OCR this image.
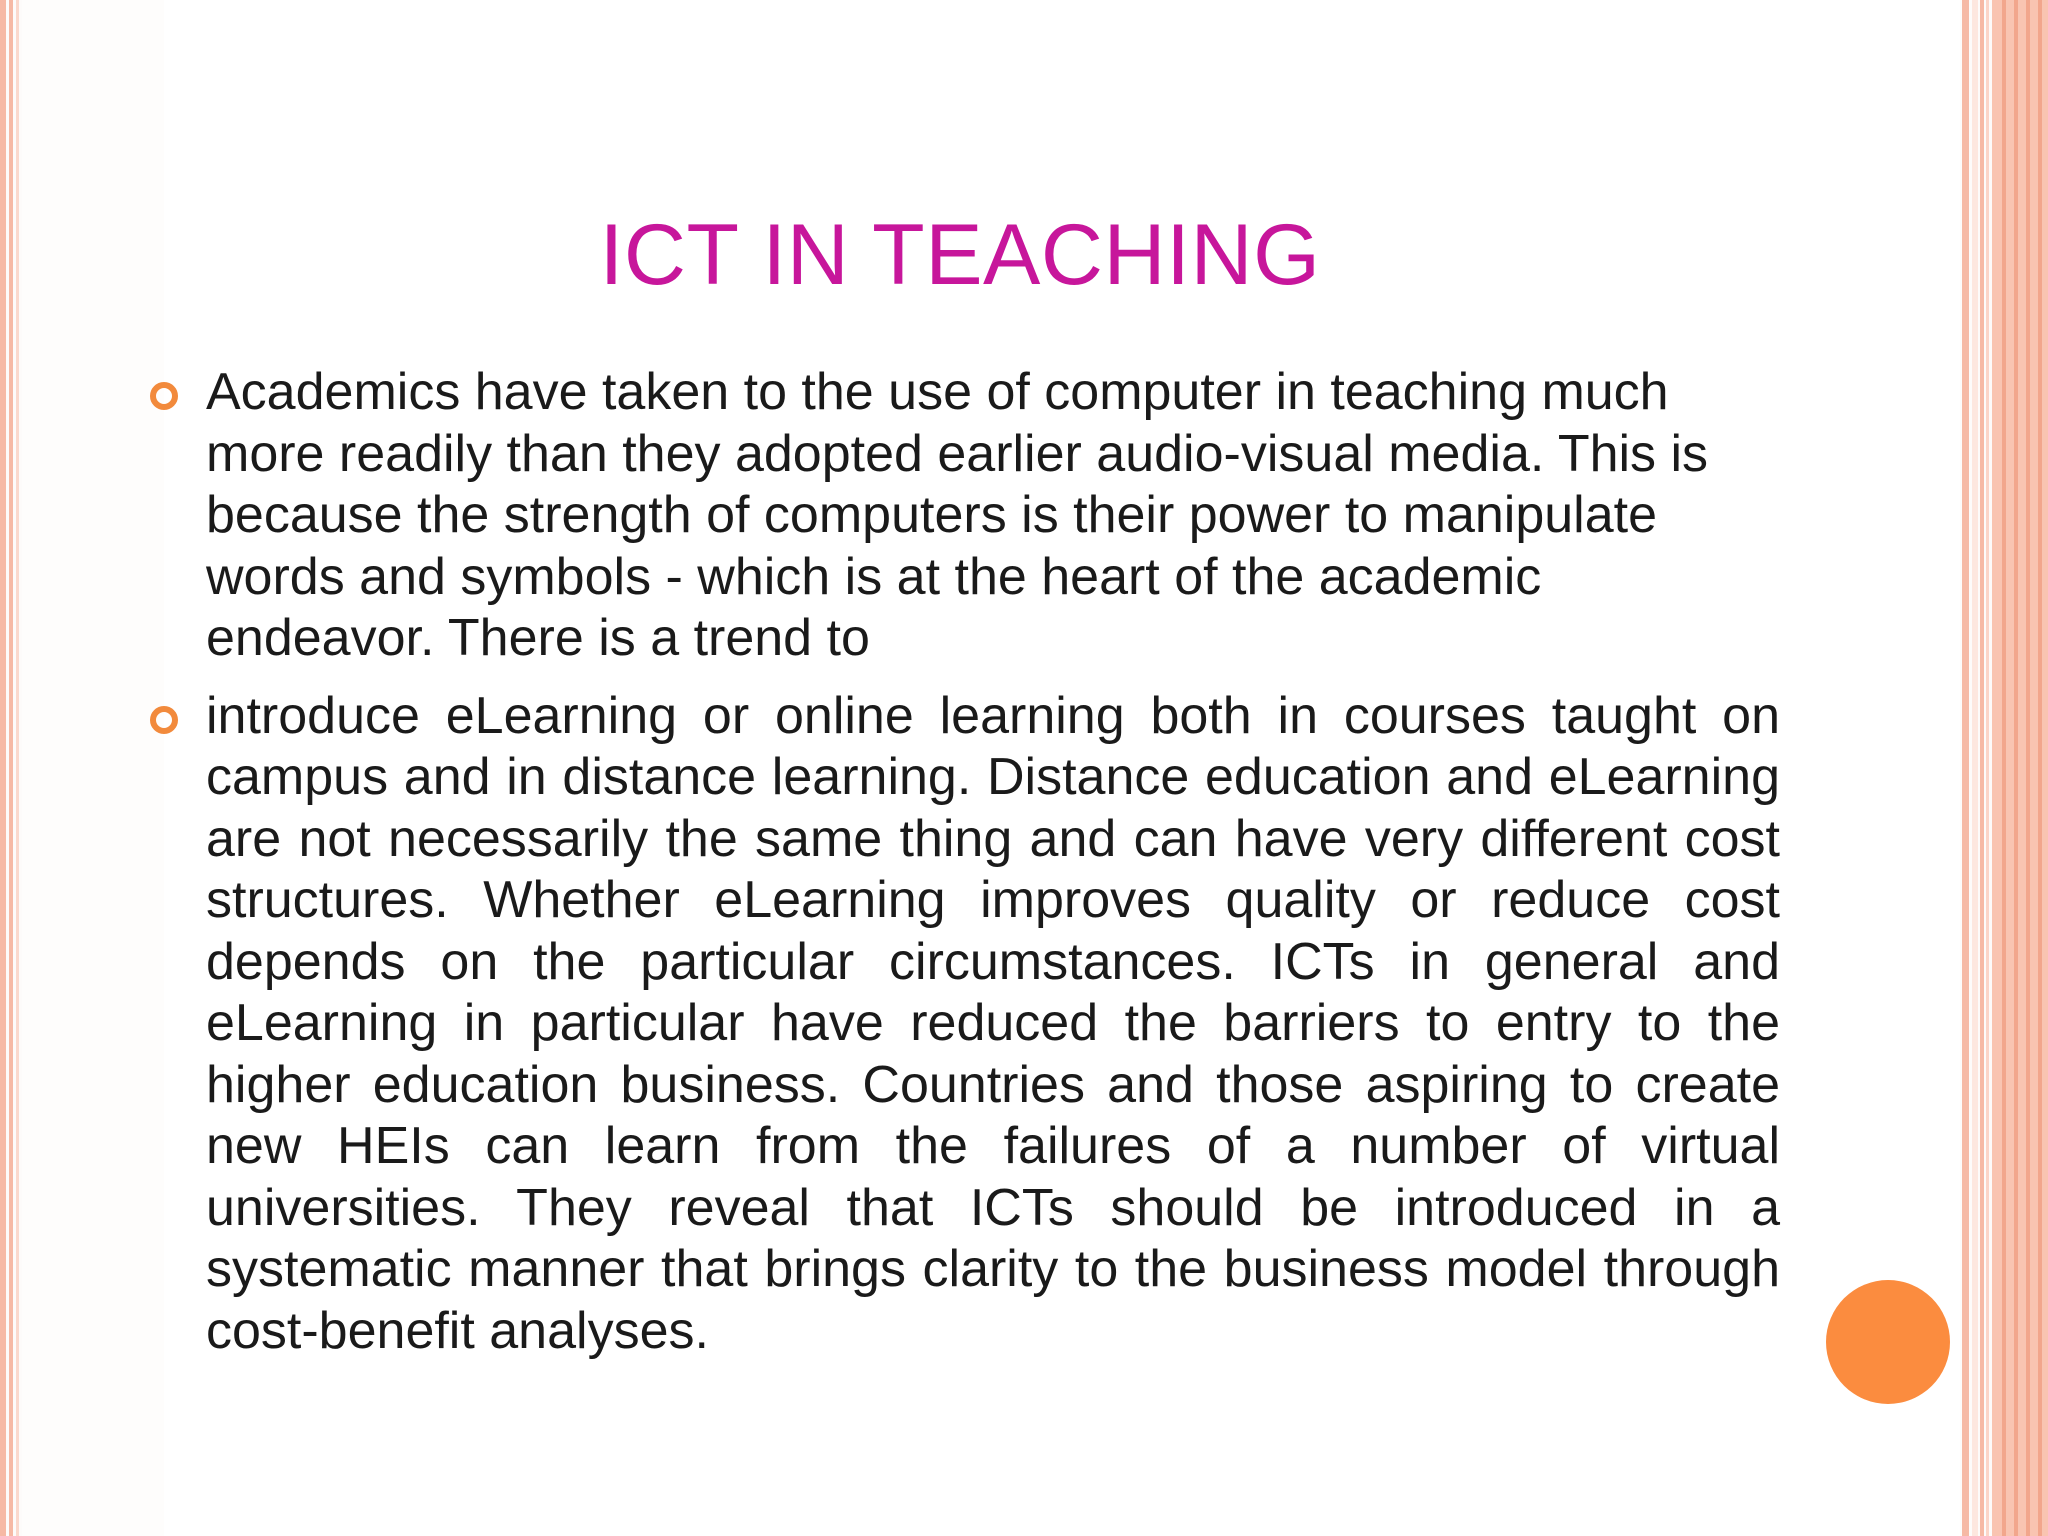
ICT IN TEACHING
Academics have taken to the use of computer in teaching much more readily than they adopted earlier audio-visual media. This is because the strength of computers is their power to manipulate words and symbols - which is at the heart of the academic endeavor. There is a trend to
introduce eLearning or online learning both in courses taught on campus and in distance learning. Distance education and eLearning are not necessarily the same thing and can have very different cost structures. Whether eLearning improves quality or reduce cost depends on the particular circumstances. ICTs in general and eLearning in particular have reduced the barriers to entry to the higher education business. Countries and those aspiring to create new HEIs can learn from the failures of a number of virtual universities. They reveal that ICTs should be introduced in a systematic manner that brings clarity to the business model through cost-benefit analyses.
